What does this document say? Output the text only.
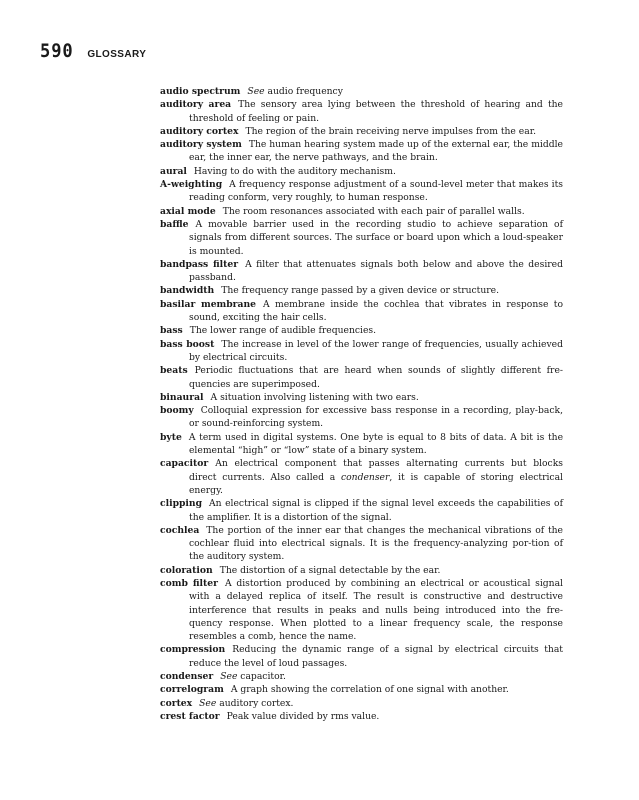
590 GLOSSARY

audio spectrum See audio frequency

auditory area The sensory area lying between the threshold of hearing and the threshold of feeling or pain.

auditory cortex The region of the brain receiving nerve impulses from the ear.

auditory system The human hearing system made up of the external ear, the middle ear, the inner ear, the nerve pathways, and the brain.

aural Having to do with the auditory mechanism.

A-weighting A frequency response adjustment of a sound-level meter that makes its reading conform, very roughly, to human response.

axial mode The room resonances associated with each pair of parallel walls.

baffle A movable barrier used in the recording studio to achieve separation of signals from different sources. The surface or board upon which a loud-speaker is mounted.

bandpass filter A filter that attenuates signals both below and above the desired passband.

bandwidth The frequency range passed by a given device or structure.

basilar membrane A membrane inside the cochlea that vibrates in response to sound, exciting the hair cells.

bass The lower range of audible frequencies.

bass boost The increase in level of the lower range of frequencies, usually achieved by electrical circuits.

beats Periodic fluctuations that are heard when sounds of slightly different fre-quencies are superimposed.

binaural A situation involving listening with two ears.

boomy Colloquial expression for excessive bass response in a recording, play-back, or sound-reinforcing system.

byte A term used in digital systems. One byte is equal to 8 bits of data. A bit is the elemental “high” or “low” state of a binary system.

capacitor An electrical component that passes alternating currents but blocks direct currents. Also called a condenser, it is capable of storing electrical energy.

clipping An electrical signal is clipped if the signal level exceeds the capabilities of the amplifier. It is a distortion of the signal.

cochlea The portion of the inner ear that changes the mechanical vibrations of the cochlear fluid into electrical signals. It is the frequency-analyzing por-tion of the auditory system.

coloration The distortion of a signal detectable by the ear.

comb filter A distortion produced by combining an electrical or acoustical signal with a delayed replica of itself. The result is constructive and destructive interference that results in peaks and nulls being introduced into the fre-quency response. When plotted to a linear frequency scale, the response resembles a comb, hence the name.

compression Reducing the dynamic range of a signal by electrical circuits that reduce the level of loud passages.

condenser See capacitor.

correlogram A graph showing the correlation of one signal with another.

cortex See auditory cortex.

crest factor Peak value divided by rms value.
